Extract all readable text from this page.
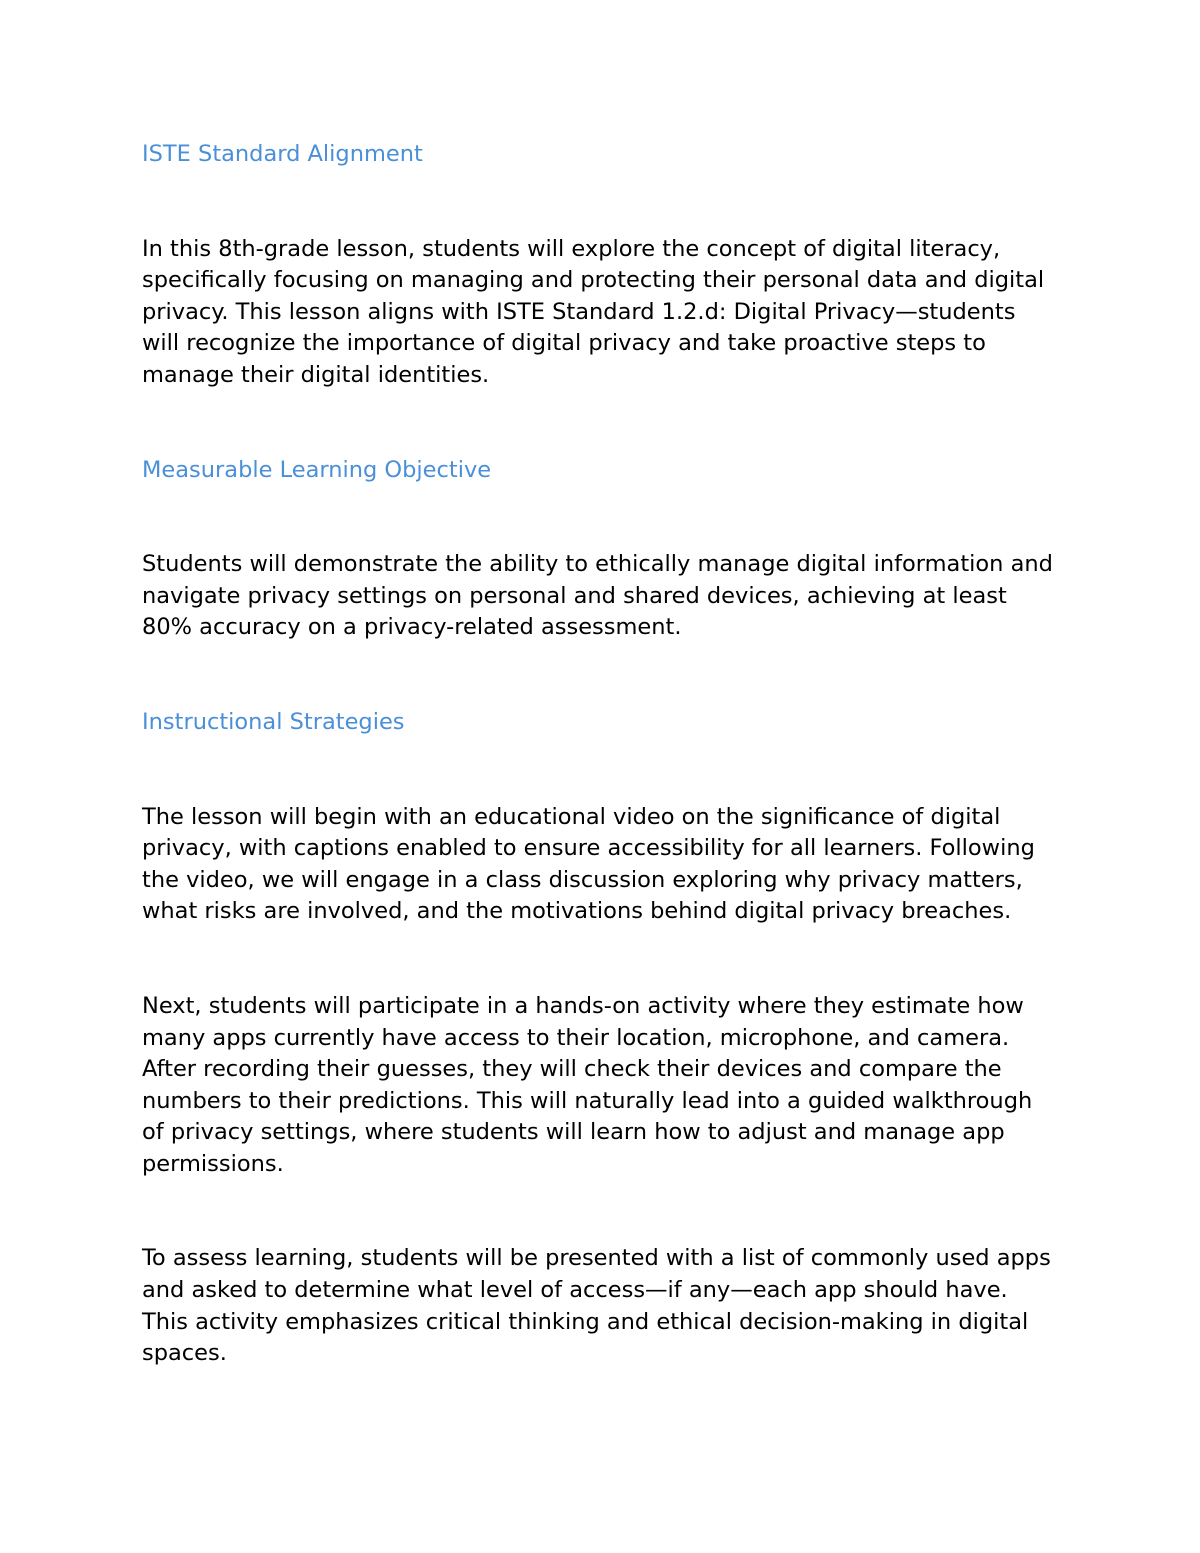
ISTE Standard Alignment

In this 8th-grade lesson, students will explore the concept of digital literacy, specifically focusing on managing and protecting their personal data and digital privacy. This lesson aligns with ISTE Standard 1.2.d: Digital Privacy—students will recognize the importance of digital privacy and take proactive steps to manage their digital identities.

Measurable Learning Objective

Students will demonstrate the ability to ethically manage digital information and navigate privacy settings on personal and shared devices, achieving at least 80% accuracy on a privacy-related assessment.

Instructional Strategies

The lesson will begin with an educational video on the significance of digital privacy, with captions enabled to ensure accessibility for all learners. Following the video, we will engage in a class discussion exploring why privacy matters, what risks are involved, and the motivations behind digital privacy breaches.

Next, students will participate in a hands-on activity where they estimate how many apps currently have access to their location, microphone, and camera. After recording their guesses, they will check their devices and compare the numbers to their predictions. This will naturally lead into a guided walkthrough of privacy settings, where students will learn how to adjust and manage app permissions.

To assess learning, students will be presented with a list of commonly used apps and asked to determine what level of access—if any—each app should have. This activity emphasizes critical thinking and ethical decision-making in digital spaces.
